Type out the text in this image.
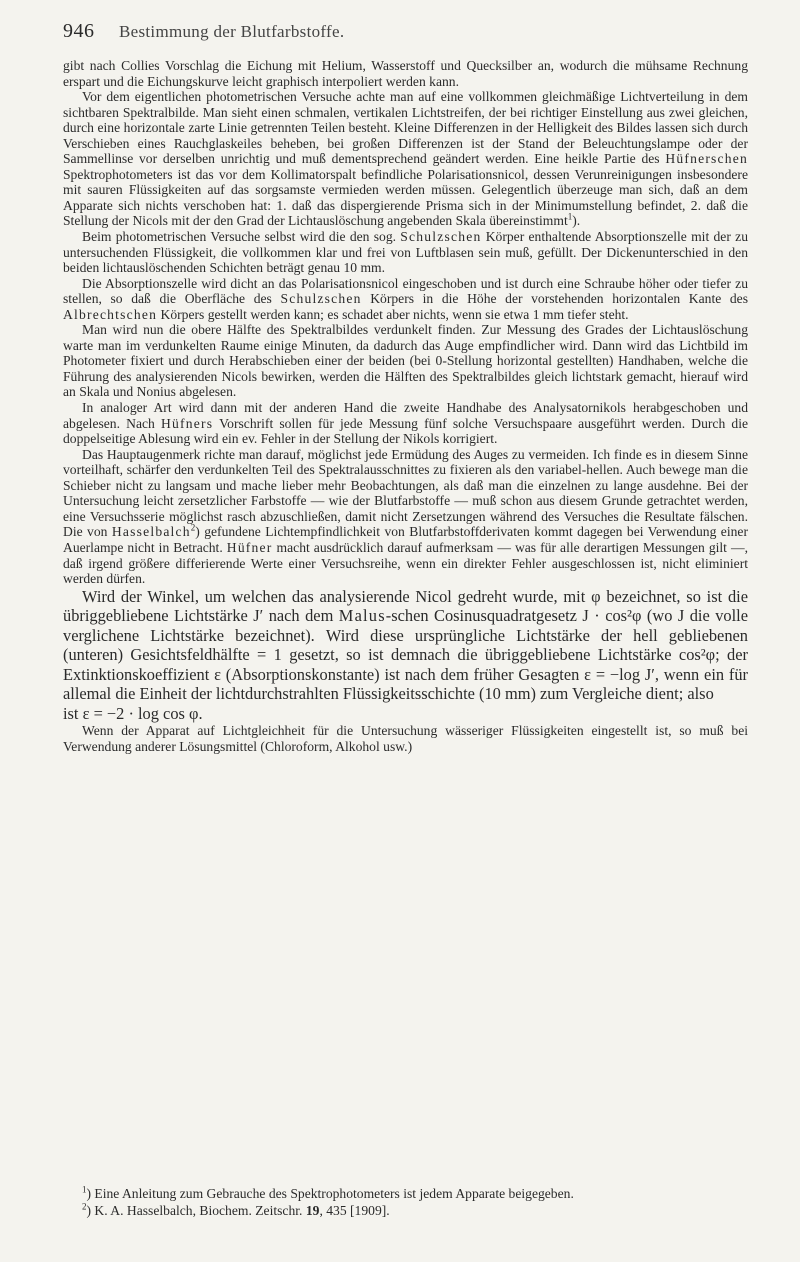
946 Bestimmung der Blutfarbstoffe.

gibt nach Collies Vorschlag die Eichung mit Helium, Wasserstoff und Quecksilber an, wodurch die mühsame Rechnung erspart und die Eichungskurve leicht graphisch interpoliert werden kann.

Vor dem eigentlichen photometrischen Versuche achte man auf eine vollkommen gleichmäßige Lichtverteilung in dem sichtbaren Spektralbilde. Man sieht einen schmalen, vertikalen Lichtstreifen, der bei richtiger Einstellung aus zwei gleichen, durch eine horizontale zarte Linie getrennten Teilen besteht. Kleine Differenzen in der Helligkeit des Bildes lassen sich durch Verschieben eines Rauchglaskeiles beheben, bei großen Differenzen ist der Stand der Beleuchtungslampe oder der Sammellinse vor derselben unrichtig und muß dementsprechend geändert werden. Eine heikle Partie des Hüfnerschen Spektrophotometers ist das vor dem Kollimatorspalt befindliche Polarisationsnicol, dessen Verunreinigungen insbesondere mit sauren Flüssigkeiten auf das sorgsamste vermieden werden müssen. Gelegentlich überzeuge man sich, daß an dem Apparate sich nichts verschoben hat: 1. daß das dispergierende Prisma sich in der Minimumstellung befindet, 2. daß die Stellung der Nicols mit der den Grad der Lichtauslöschung angebenden Skala übereinstimmt$^1$).

Beim photometrischen Versuche selbst wird die den sog. Schulzschen Körper enthaltende Absorptionszelle mit der zu untersuchenden Flüssigkeit, die vollkommen klar und frei von Luftblasen sein muß, gefüllt. Der Dickenunterschied in den beiden lichtauslöschenden Schichten beträgt genau 10 mm.

Die Absorptionszelle wird dicht an das Polarisationsnicol eingeschoben und ist durch eine Schraube höher oder tiefer zu stellen, so daß die Oberfläche des Schulzschen Körpers in die Höhe der vorstehenden horizontalen Kante des Albrechtschen Körpers gestellt werden kann; es schadet aber nichts, wenn sie etwa 1 mm tiefer steht.

Man wird nun die obere Hälfte des Spektralbildes verdunkelt finden. Zur Messung des Grades der Lichtauslöschung warte man im verdunkelten Raume einige Minuten, da dadurch das Auge empfindlicher wird. Dann wird das Lichtbild im Photometer fixiert und durch Herabschieben einer der beiden (bei 0-Stellung horizontal gestellten) Handhaben, welche die Führung des analysierenden Nicols bewirken, werden die Hälften des Spektralbildes gleich lichtstark gemacht, hierauf wird an Skala und Nonius abgelesen.

In analoger Art wird dann mit der anderen Hand die zweite Handhabe des Analysatornikols herabgeschoben und abgelesen. Nach Hüfners Vorschrift sollen für jede Messung fünf solche Versuchspaare ausgeführt werden. Durch die doppelseitige Ablesung wird ein ev. Fehler in der Stellung der Nikols korrigiert.

Das Hauptaugenmerk richte man darauf, möglichst jede Ermüdung des Auges zu vermeiden. Ich finde es in diesem Sinne vorteilhaft, schärfer den verdunkelten Teil des Spektralausschnittes zu fixieren als den variabel-hellen. Auch bewege man die Schieber nicht zu langsam und mache lieber mehr Beobachtungen, als daß man die einzelnen zu lange ausdehne. Bei der Untersuchung leicht zersetzlicher Farbstoffe — wie der Blutfarbstoffe — muß schon aus diesem Grunde getrachtet werden, eine Versuchsserie möglichst rasch abzuschließen, damit nicht Zersetzungen während des Versuches die Resultate fälschen. Die von Hasselbalch$^2$) gefundene Lichtempfindlichkeit von Blutfarbstoffderivaten kommt dagegen bei Verwendung einer Auerlampe nicht in Betracht. Hüfner macht ausdrücklich darauf aufmerksam — was für alle derartigen Messungen gilt —, daß irgend größere differierende Werte einer Versuchsreihe, wenn ein direkter Fehler ausgeschlossen ist, nicht eliminiert werden dürfen.

Wird der Winkel, um welchen das analysierende Nicol gedreht wurde, mit φ bezeichnet, so ist die übriggebliebene Lichtstärke J′ nach dem Malus-schen Cosinusquadratgesetz J · cos²φ (wo J die volle verglichene Lichtstärke bezeichnet). Wird diese ursprüngliche Lichtstärke der hell gebliebenen (unteren) Gesichtsfeldhälfte = 1 gesetzt, so ist demnach die übriggebliebene Lichtstärke cos²φ; der Extinktionskoeffizient ε (Absorptionskonstante) ist nach dem früher Gesagten ε = −log J′, wenn ein für allemal die Einheit der lichtdurchstrahlten Flüssigkeitsschichte (10 mm) zum Vergleiche dient; also

ist ε = −2 · log cos φ.

Wenn der Apparat auf Lichtgleichheit für die Untersuchung wässeriger Flüssigkeiten eingestellt ist, so muß bei Verwendung anderer Lösungsmittel (Chloroform, Alkohol usw.)

$^1$) Eine Anleitung zum Gebrauche des Spektrophotometers ist jedem Apparate beigegeben.

$^2$) K. A. Hasselbalch, Biochem. Zeitschr. 19, 435 [1909].
